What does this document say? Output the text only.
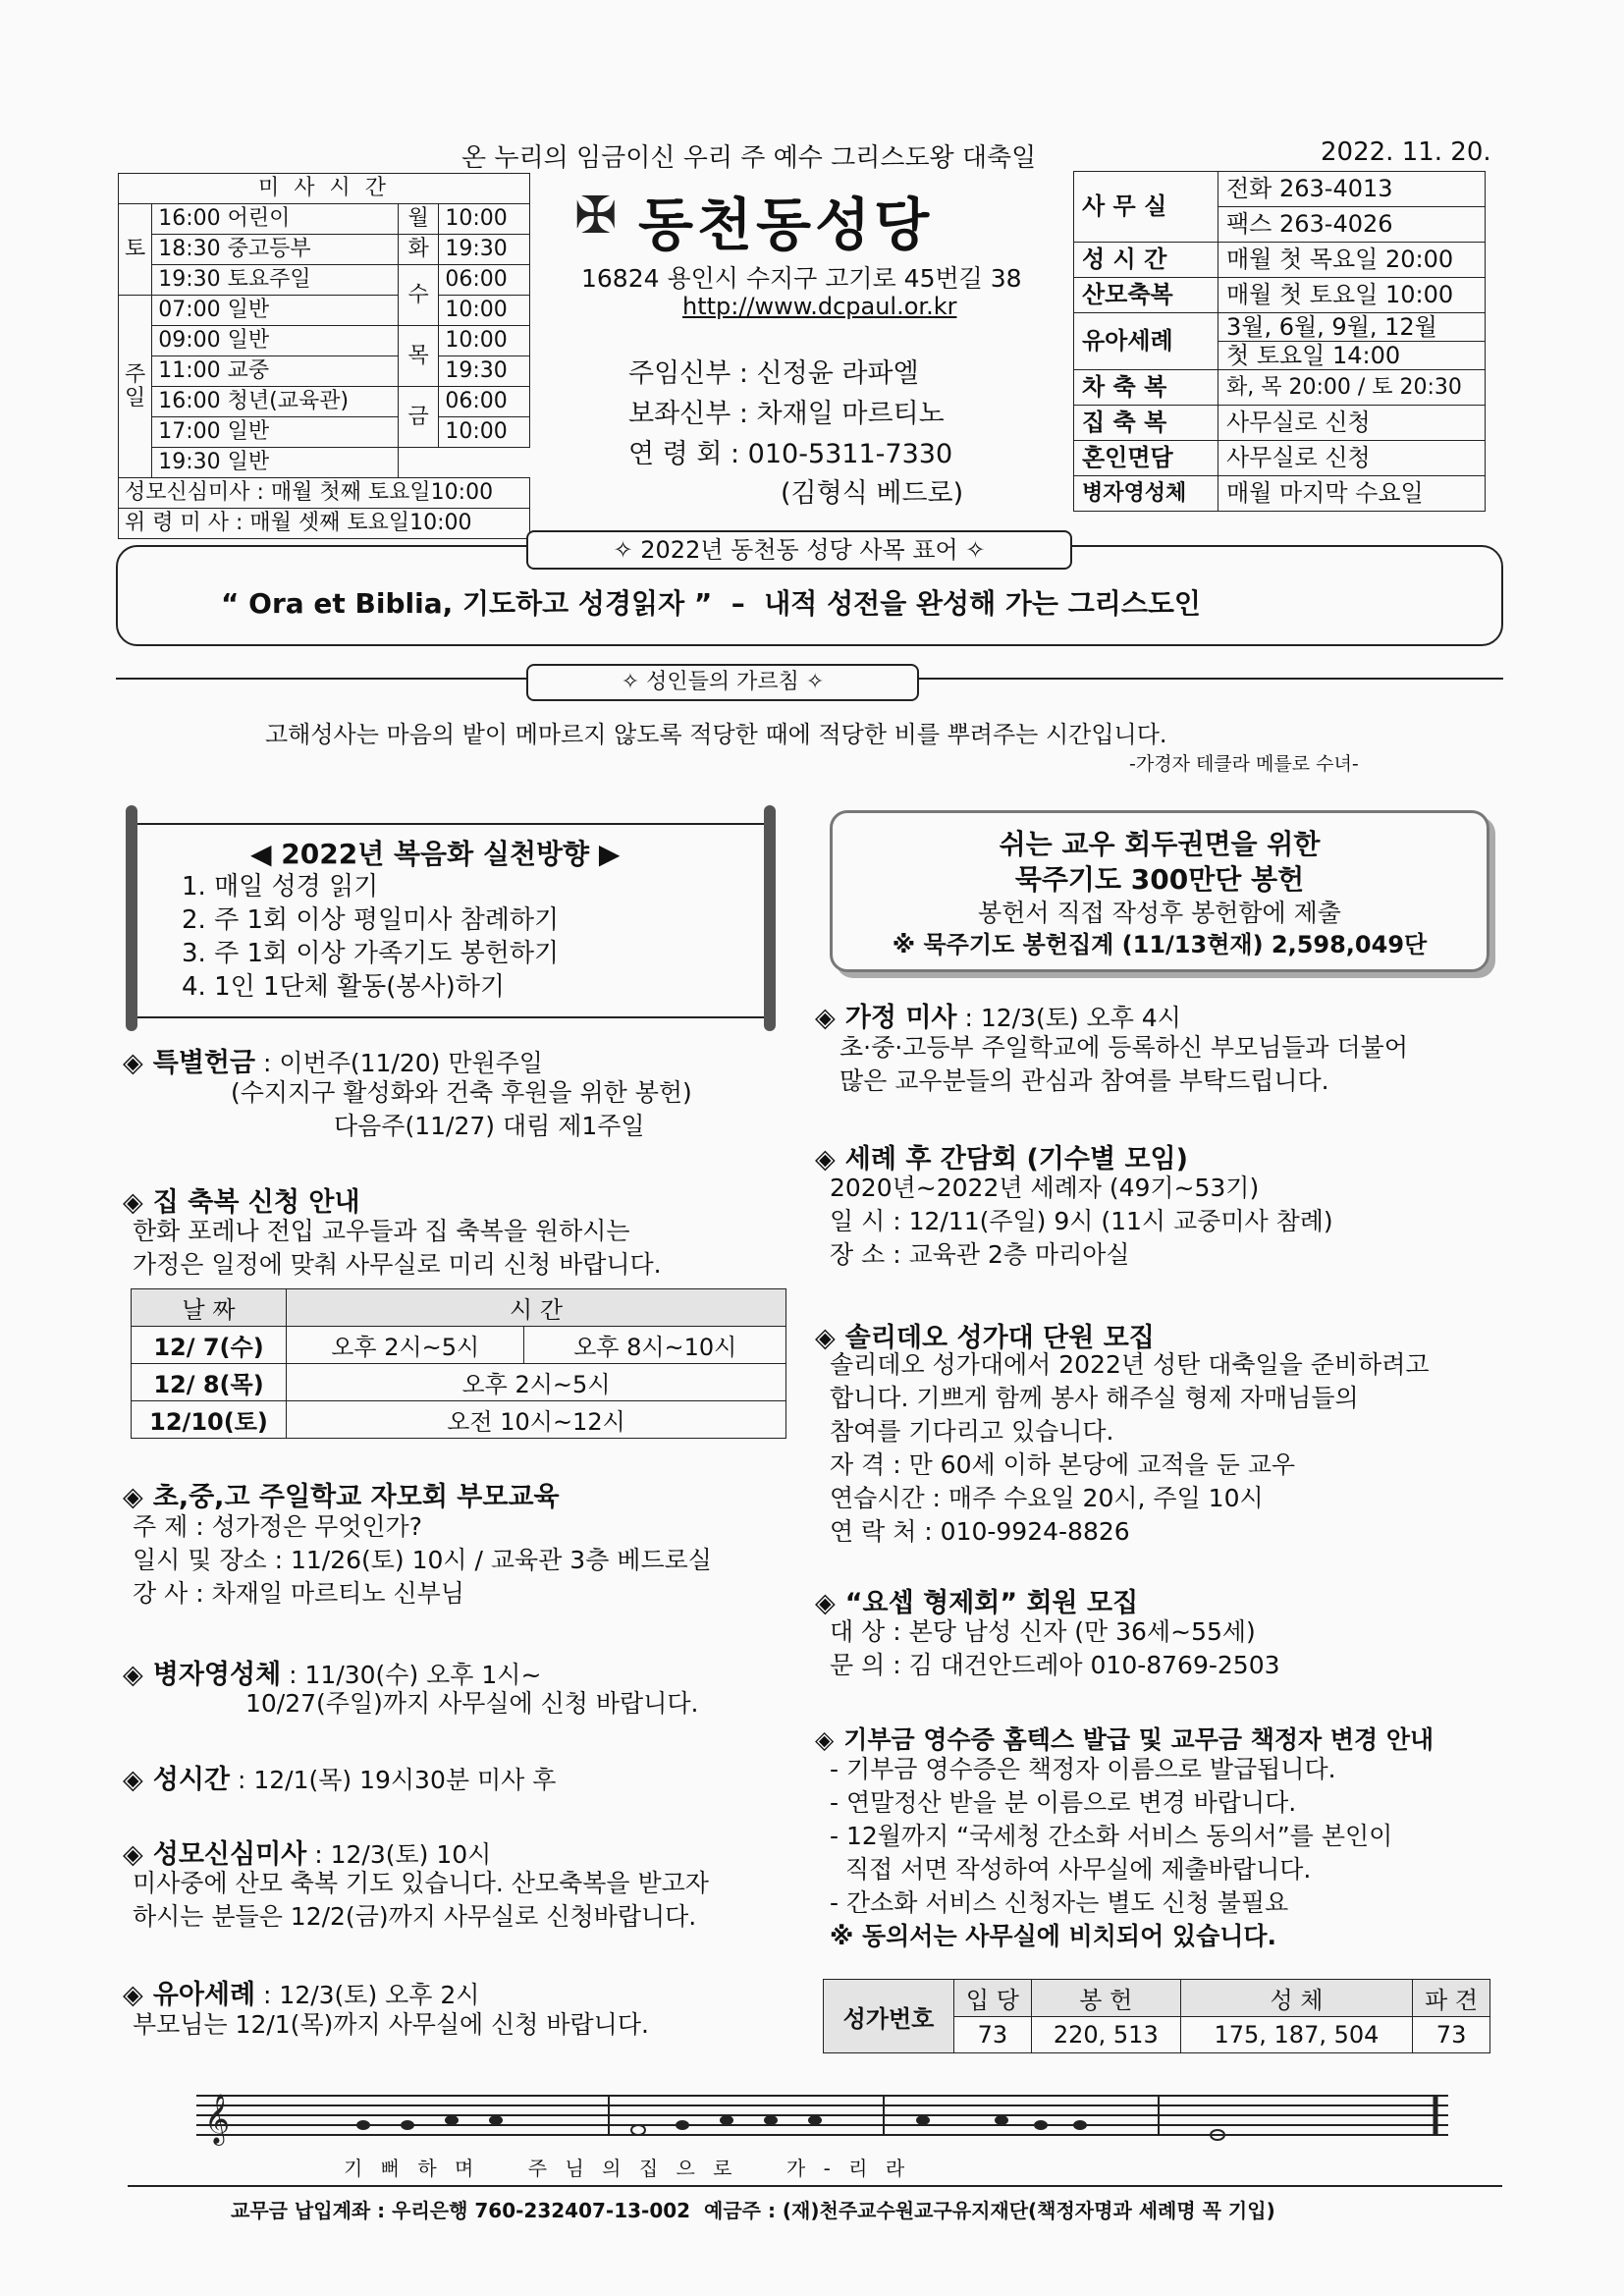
온 누리의 임금이신 우리 주 예수 그리스도왕 대축일	2022. 11. 20.
미 사 시 간			
토	16:00 어린이	월	10:00
	18:30 중고등부	화	19:30
	19:30 토요주일	수	06:00
주일	07:00 일반		10:00
	09:00 일반	목	10:00
	11:00 교중		19:30
	16:00 청년(교육관)	금	06:00
	17:00 일반		10:00
	19:30 일반		
성모신심미사 : 매월 첫째 토요일10:00			
위 령 미 사 : 매월 셋째 토요일10:00			
✠ 동천동성당
16824 용인시 수지구 고기로 45번길 38
http://www.dcpaul.or.kr
주임신부 : 신정윤 라파엘
보좌신부 : 차재일 마르티노
연 령 회 : 010-5311-7330
(김형식 베드로)
사 무 실	전화 263-4013
	팩스 263-4026
성 시 간	매월 첫 목요일 20:00
산모축복	매월 첫 토요일 10:00
유아세례	3월, 6월, 9월, 12월
	첫 토요일 14:00
차 축 복	화, 목 20:00 / 토 20:30
집 축 복	사무실로 신청
혼인면담	사무실로 신청
병자영성체	매월 마지막 수요일
✧ 2022년 동천동 성당 사목 표어 ✧
“ Ora et Biblia, 기도하고 성경읽자 ”  –  내적 성전을 완성해 가는 그리스도인
✧ 성인들의 가르침 ✧
고해성사는 마음의 밭이 메마르지 않도록 적당한 때에 적당한 비를 뿌려주는 시간입니다.
-가경자 테클라 메를로 수녀-
◀ 2022년 복음화 실천방향 ▶
1. 매일 성경 읽기
2. 주 1회 이상 평일미사 참례하기
3. 주 1회 이상 가족기도 봉헌하기
4. 1인 1단체 활동(봉사)하기
쉬는 교우 회두권면을 위한
묵주기도 300만단 봉헌
봉헌서 직접 작성후 봉헌함에 제출
※ 묵주기도 봉헌집계 (11/13현재) 2,598,049단
◈ 특별헌금 : 이번주(11/20) 만원주일
(수지지구 활성화와 건축 후원을 위한 봉헌)
다음주(11/27) 대림 제1주일
◈ 집 축복 신청 안내
한화 포레나 전입 교우들과 집 축복을 원하시는
가정은 일정에 맞춰 사무실로 미리 신청 바랍니다.
날 짜	시 간	
12/ 7(수)	오후 2시~5시	오후 8시~10시
12/ 8(목)	오후 2시~5시	
12/10(토)	오전 10시~12시	
◈ 초,중,고 주일학교 자모회 부모교육
주 제 : 성가정은 무엇인가?
일시 및 장소 : 11/26(토) 10시 / 교육관 3층 베드로실
강 사 : 차재일 마르티노 신부님
◈ 병자영성체 : 11/30(수) 오후 1시~
10/27(주일)까지 사무실에 신청 바랍니다.
◈ 성시간 : 12/1(목) 19시30분 미사 후
◈ 성모신심미사 : 12/3(토) 10시
미사중에 산모 축복 기도 있습니다. 산모축복을 받고자
하시는 분들은 12/2(금)까지 사무실로 신청바랍니다.
◈ 유아세례 : 12/3(토) 오후 2시
부모님는 12/1(목)까지 사무실에 신청 바랍니다.
◈ 가정 미사 : 12/3(토) 오후 4시
초·중·고등부 주일학교에 등록하신 부모님들과 더불어
많은 교우분들의 관심과 참여를 부탁드립니다.
◈ 세례 후 간담회 (기수별 모임)
2020년~2022년 세례자 (49기~53기)
일 시 : 12/11(주일) 9시 (11시 교중미사 참례)
장 소 : 교육관 2층 마리아실
◈ 솔리데오 성가대 단원 모집
솔리데오 성가대에서 2022년 성탄 대축일을 준비하려고
합니다. 기쁘게 함께 봉사 해주실 형제 자매님들의
참여를 기다리고 있습니다.
자 격 : 만 60세 이하 본당에 교적을 둔 교우
연습시간 : 매주 수요일 20시, 주일 10시
연 락 처 : 010-9924-8826
◈ “요셉 형제회” 회원 모집
대 상 : 본당 남성 신자 (만 36세~55세)
문 의 : 김 대건안드레아 010-8769-2503
◈ 기부금 영수증 홈텍스 발급 및 교무금 책정자 변경 안내
- 기부금 영수증은 책정자 이름으로 발급됩니다.
- 연말정산 받을 분 이름으로 변경 바랍니다.
- 12월까지 “국세청 간소화 서비스 동의서”를 본인이
직접 서면 작성하여 사무실에 제출바랍니다.
- 간소화 서비스 신청자는 별도 신청 불필요
※ 동의서는 사무실에 비치되어 있습니다.
성가번호	입 당	봉 헌	성 체	파 견
	73	220, 513	175, 187, 504	73
𝄞
기 뻐 하 며    주 님 의 집 으 로    가 - 리 라
교무금 납입계좌 : 우리은행 760-232407-13-002  예금주 : (재)천주교수원교구유지재단(책정자명과 세례명 꼭 기입)
